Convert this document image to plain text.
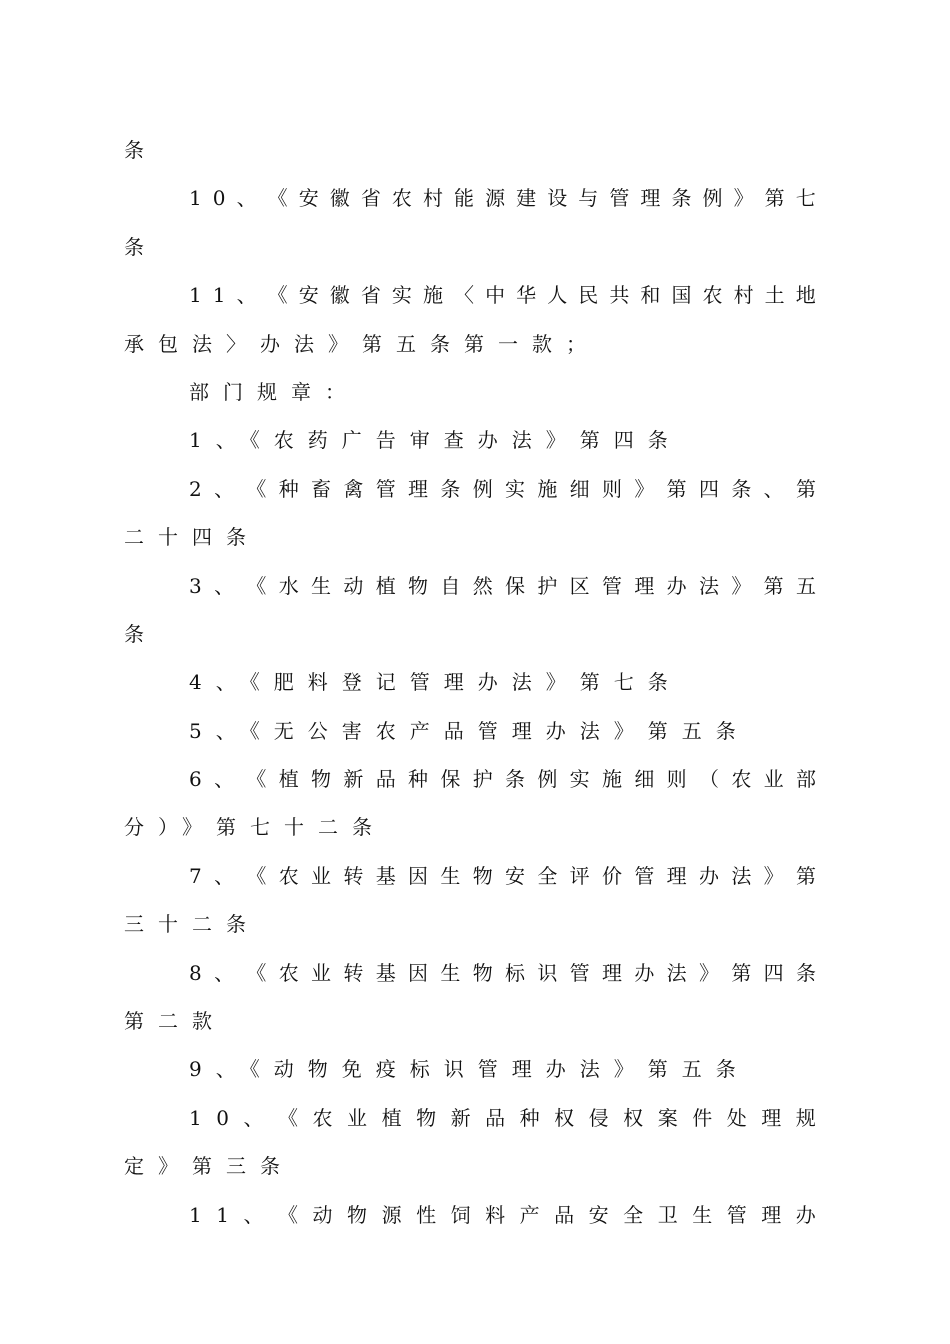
条
1 0 、 《 安 徽 省 农 村 能 源 建 设 与 管 理 条 例 》 第 七
条
1 1 、 《 安 徽 省 实 施 〈 中 华 人 民 共 和 国 农 村 土 地
承包法〉办法》第五条第一款；
部门规章：
1、《农药广告审查办法》第四条
2 、 《 种 畜 禽 管 理 条 例 实 施 细 则 》 第 四 条 、 第
二十四条
3 、 《 水 生 动 植 物 自 然 保 护 区 管 理 办 法 》 第 五
条
4、《肥料登记管理办法》第七条
5、《无公害农产品管理办法》第五条
6 、 《 植 物 新 品 种 保 护 条 例 实 施 细 则 （ 农 业 部
分）》第七十二条
7 、 《 农 业 转 基 因 生 物 安 全 评 价 管 理 办 法 》 第
三十二条
8 、 《 农 业 转 基 因 生 物 标 识 管 理 办 法 》 第 四 条
第二款
9、《动物免疫标识管理办法》第五条
1 0 、 《 农 业 植 物 新 品 种 权 侵 权 案 件 处 理 规
定》第三条
1 1 、 《 动 物 源 性 饲 料 产 品 安 全 卫 生 管 理 办
